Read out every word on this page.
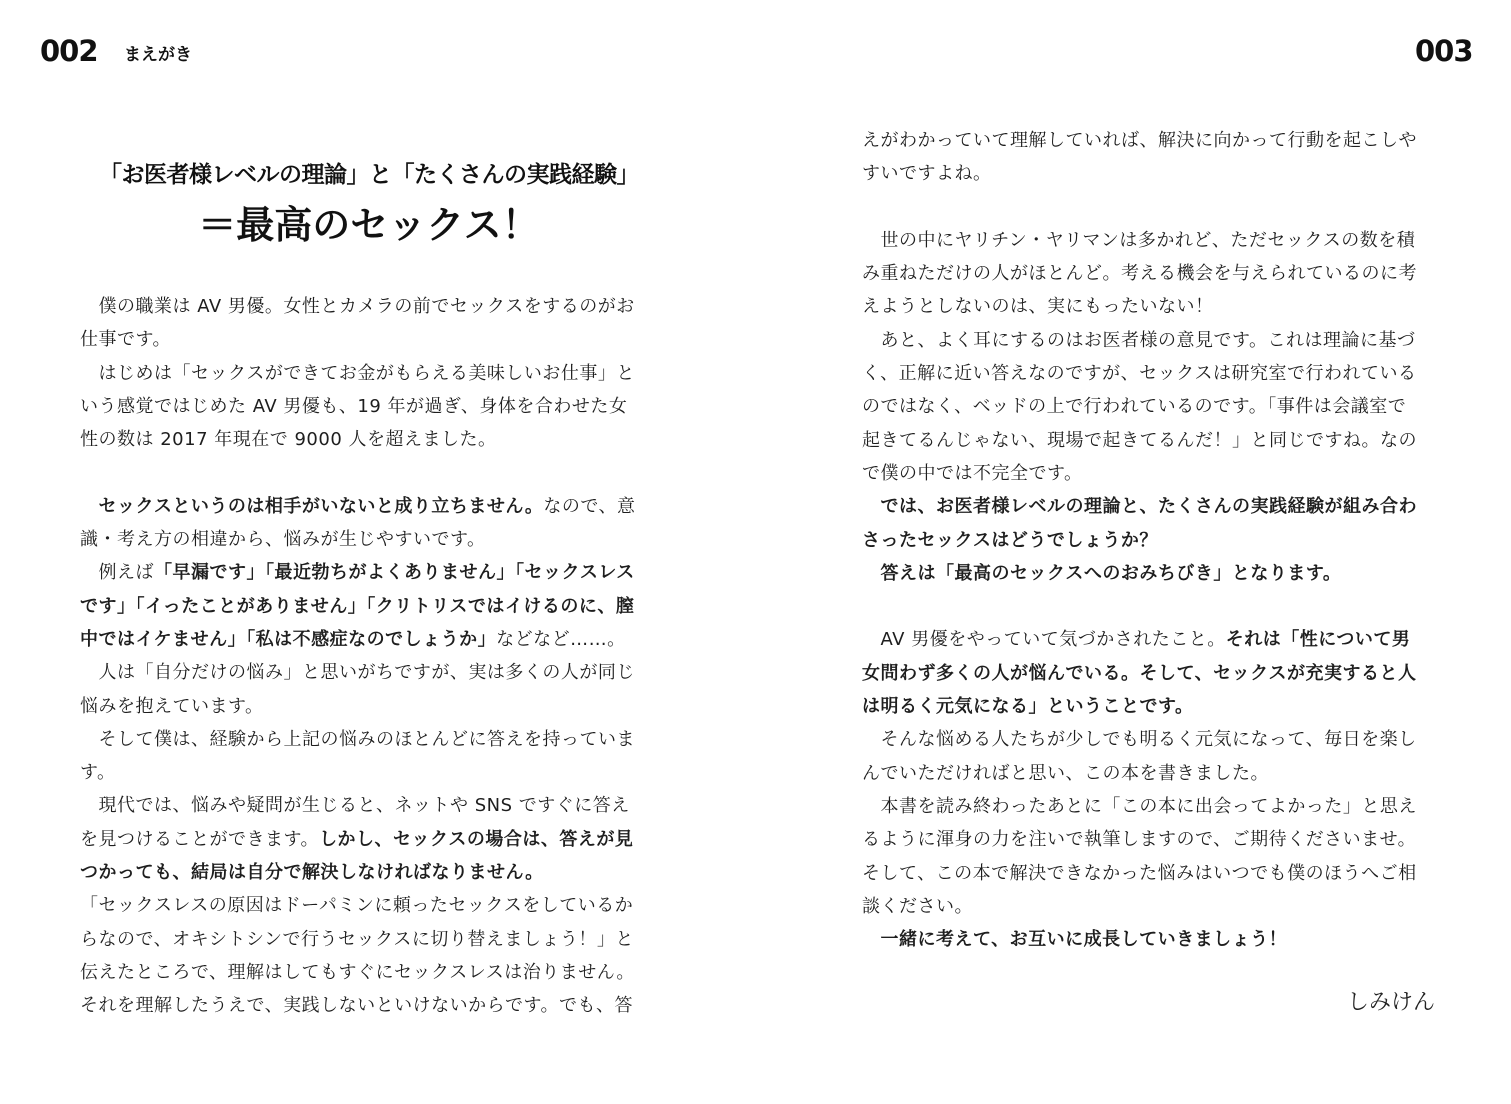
002 まえがき	003
「お医者様レベルの理論」と「たくさんの実践経験」
＝最高のセックス！
　僕の職業は AV 男優。女性とカメラの前でセックスをするのがお
仕事です。
　はじめは「セックスができてお金がもらえる美味しいお仕事」と
いう感覚ではじめた AV 男優も、19 年が過ぎ、身体を合わせた女
性の数は 2017 年現在で 9000 人を超えました。
　セックスというのは相手がいないと成り立ちません。なので、意
識・考え方の相違から、悩みが生じやすいです。
　例えば「早漏です」「最近勃ちがよくありません」「セックスレス
です」「イったことがありません」「クリトリスではイけるのに、膣
中ではイケません」「私は不感症なのでしょうか」などなど……。
　人は「自分だけの悩み」と思いがちですが、実は多くの人が同じ
悩みを抱えています。
　そして僕は、経験から上記の悩みのほとんどに答えを持っていま
す。
　現代では、悩みや疑問が生じると、ネットや SNS ですぐに答え
を見つけることができます。しかし、セックスの場合は、答えが見
つかっても、結局は自分で解決しなければなりません。
「セックスレスの原因はドーパミンに頼ったセックスをしているか
らなので、オキシトシンで行うセックスに切り替えましょう！」と
伝えたところで、理解はしてもすぐにセックスレスは治りません。
それを理解したうえで、実践しないといけないからです。でも、答
えがわかっていて理解していれば、解決に向かって行動を起こしや
すいですよね。
　世の中にヤリチン・ヤリマンは多かれど、ただセックスの数を積
み重ねただけの人がほとんど。考える機会を与えられているのに考
えようとしないのは、実にもったいない！
　あと、よく耳にするのはお医者様の意見です。これは理論に基づ
く、正解に近い答えなのですが、セックスは研究室で行われている
のではなく、ベッドの上で行われているのです。「事件は会議室で
起きてるんじゃない、現場で起きてるんだ！」と同じですね。なの
で僕の中では不完全です。
　では、お医者様レベルの理論と、たくさんの実践経験が組み合わ
さったセックスはどうでしょうか？
　答えは「最高のセックスへのおみちびき」となります。
　AV 男優をやっていて気づかされたこと。それは「性について男
女問わず多くの人が悩んでいる。そして、セックスが充実すると人
は明るく元気になる」ということです。
　そんな悩める人たちが少しでも明るく元気になって、毎日を楽し
んでいただければと思い、この本を書きました。
　本書を読み終わったあとに「この本に出会ってよかった」と思え
るように渾身の力を注いで執筆しますので、ご期待くださいませ。
そして、この本で解決できなかった悩みはいつでも僕のほうへご相
談ください。
　一緒に考えて、お互いに成長していきましょう！
しみけん
